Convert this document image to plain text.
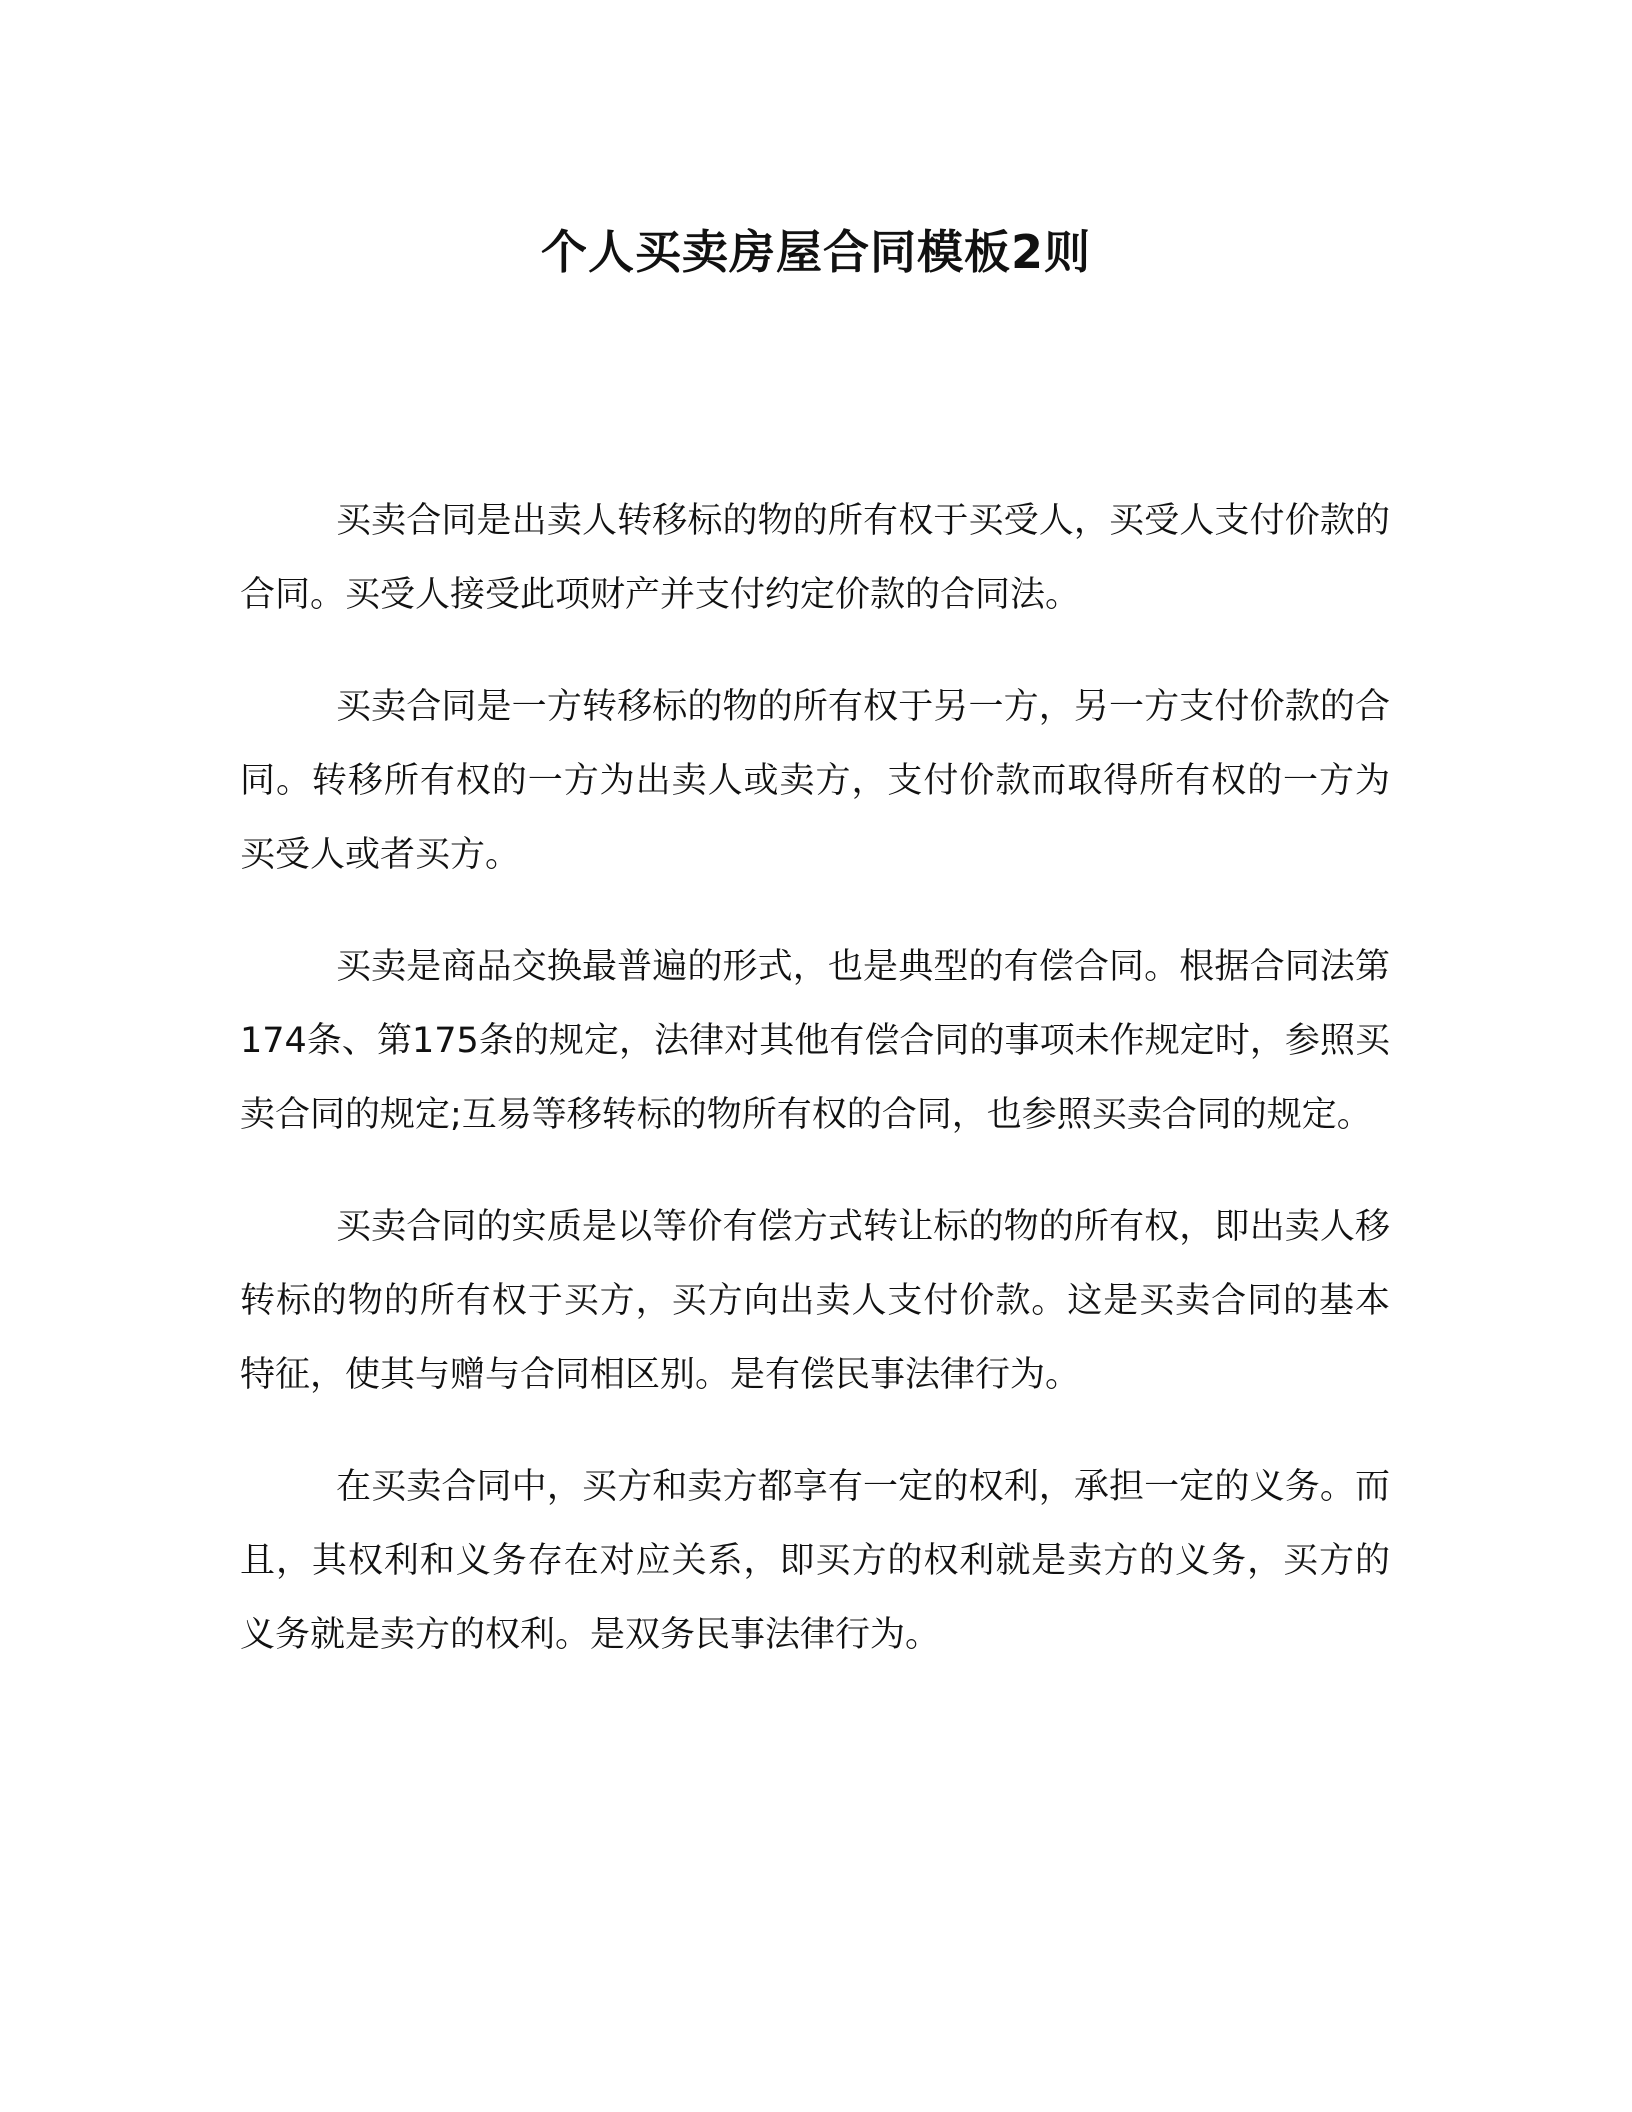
个人买卖房屋合同模板2则

买卖合同是出卖人转移标的物的所有权于买受人，买受人支付价款的合同。买受人接受此项财产并支付约定价款的合同法。

买卖合同是一方转移标的物的所有权于另一方，另一方支付价款的合同。转移所有权的一方为出卖人或卖方，支付价款而取得所有权的一方为买受人或者买方。

买卖是商品交换最普遍的形式，也是典型的有偿合同。根据合同法第174条、第175条的规定，法律对其他有偿合同的事项未作规定时，参照买卖合同的规定;互易等移转标的物所有权的合同，也参照买卖合同的规定。

买卖合同的实质是以等价有偿方式转让标的物的所有权，即出卖人移转标的物的所有权于买方，买方向出卖人支付价款。这是买卖合同的基本特征，使其与赠与合同相区别。是有偿民事法律行为。

在买卖合同中，买方和卖方都享有一定的权利，承担一定的义务。而且，其权利和义务存在对应关系，即买方的权利就是卖方的义务，买方的义务就是卖方的权利。是双务民事法律行为。
